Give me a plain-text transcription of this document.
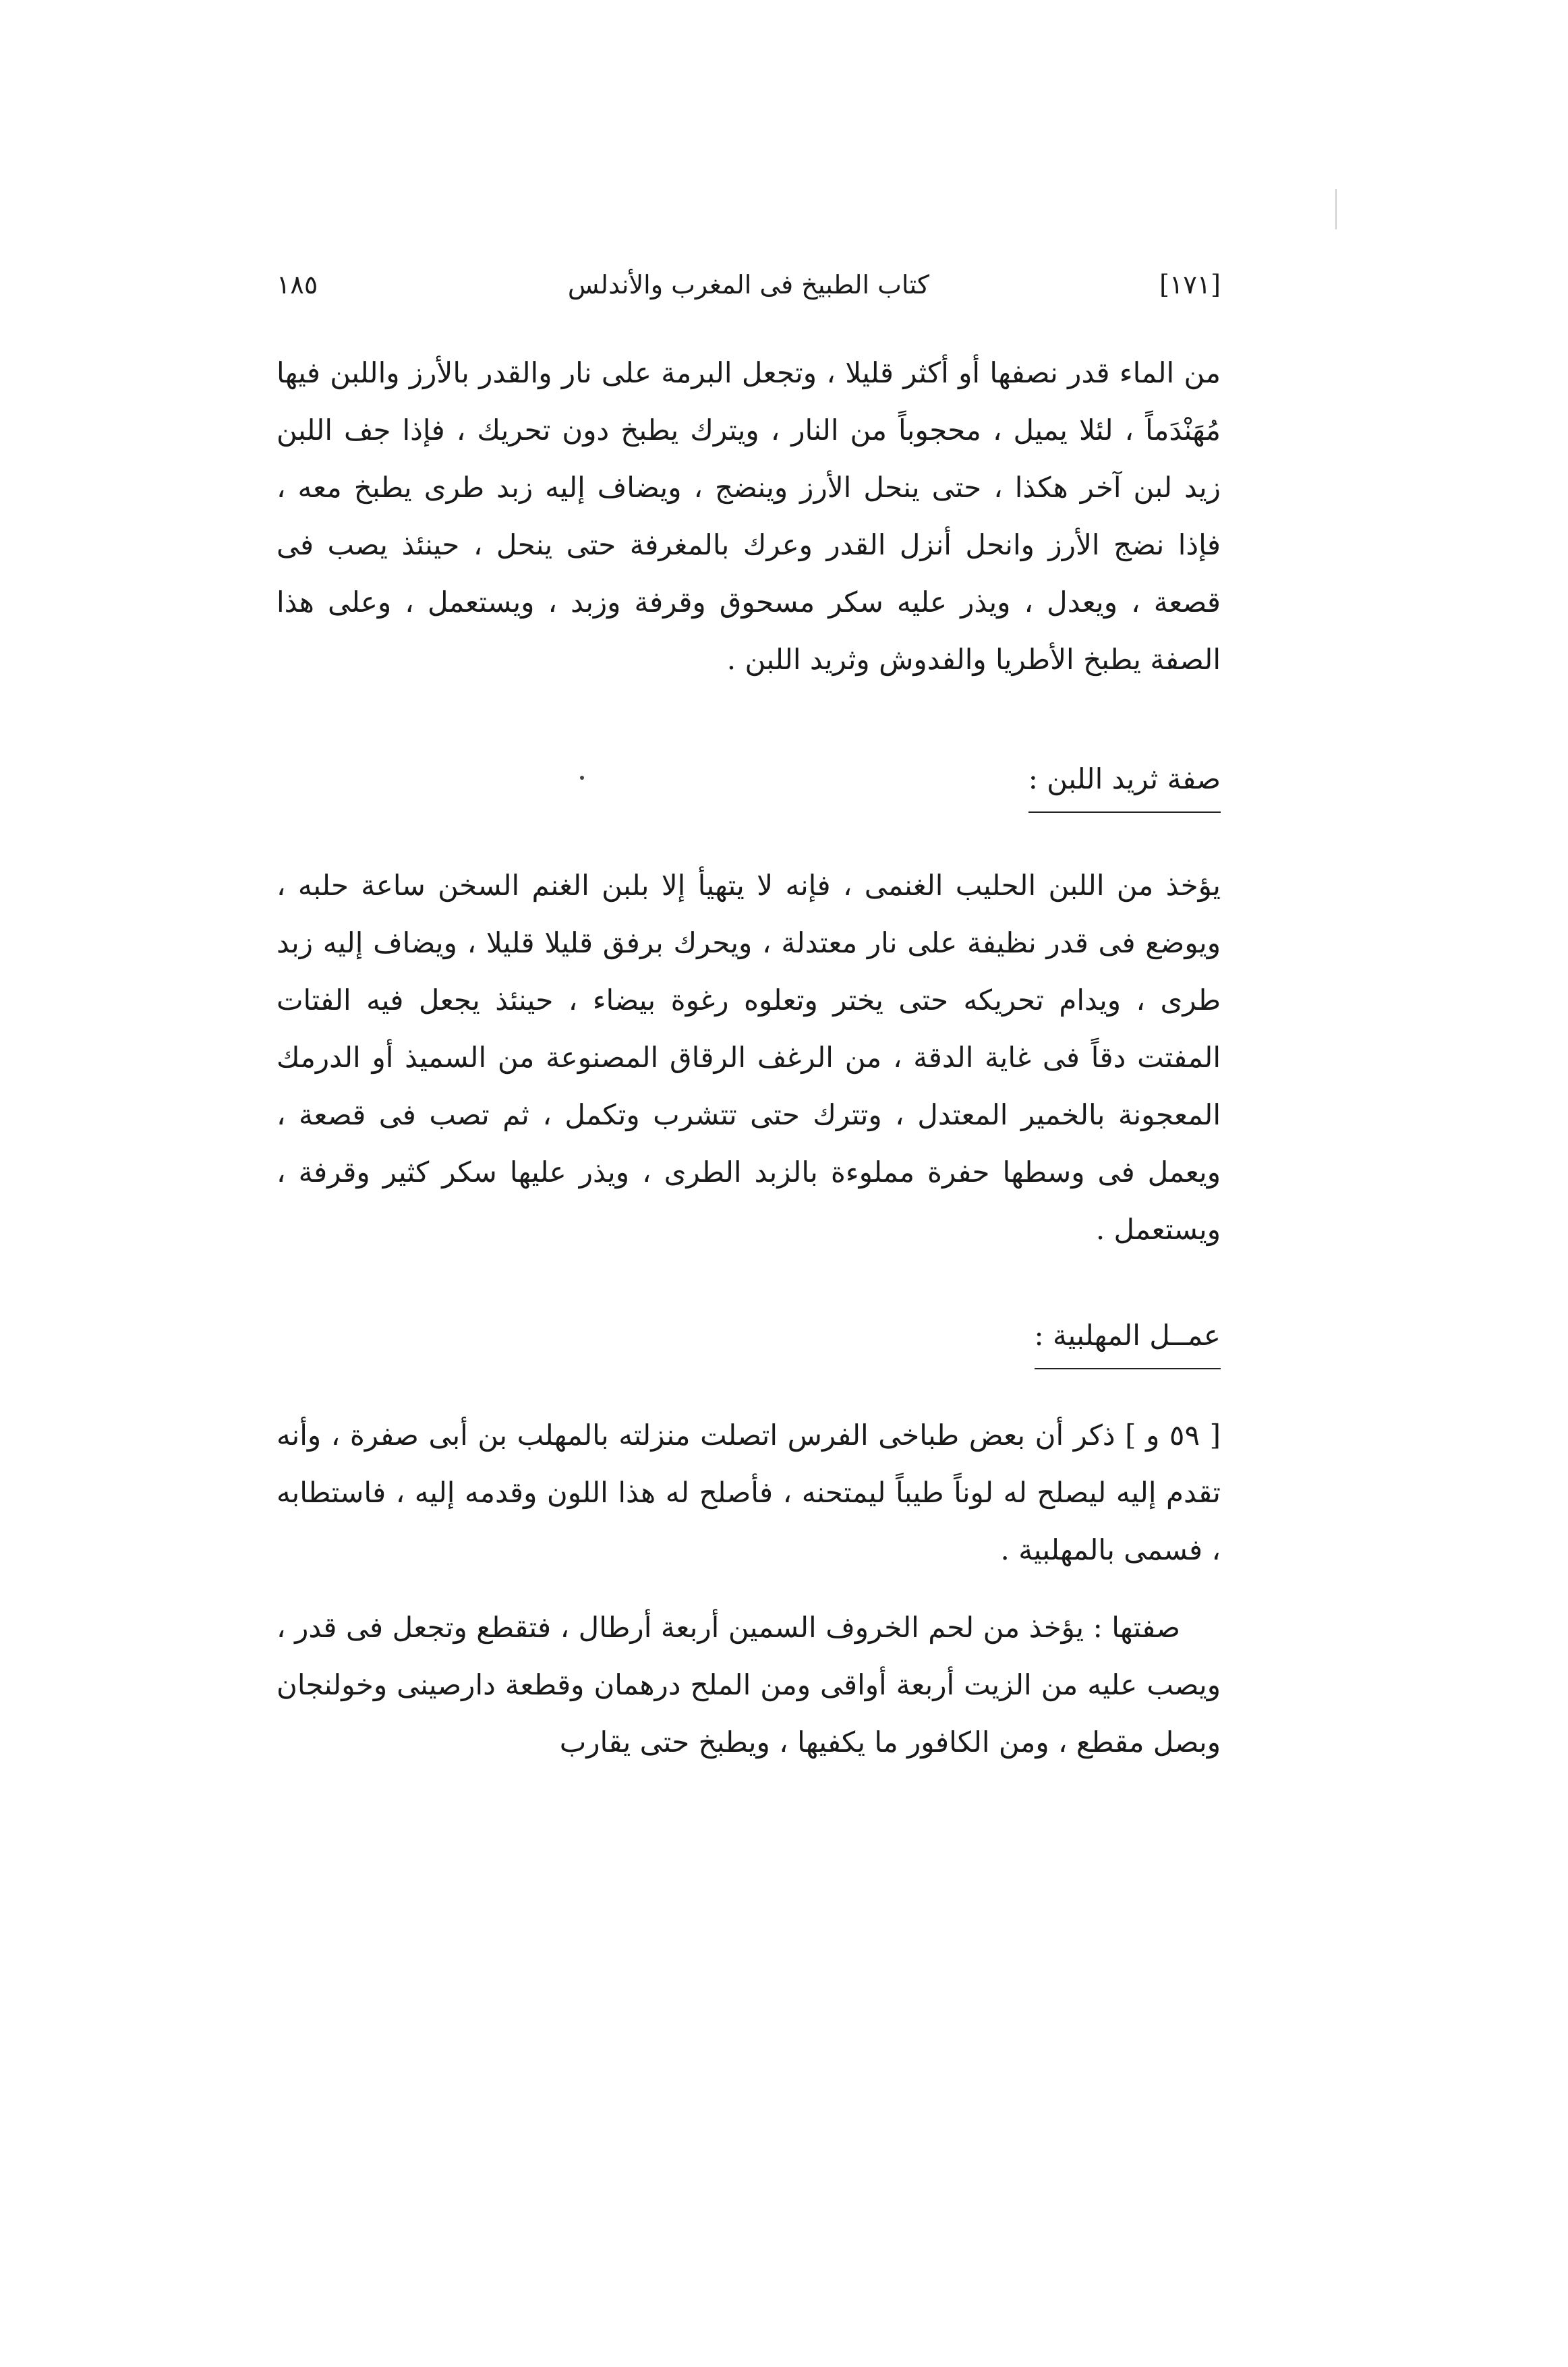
[١٧١]
كتاب الطبيخ فى المغرب والأندلس
١٨٥

من الماء قدر نصفها أو أكثر قليلا ، وتجعل البرمة على نار والقدر بالأرز واللبن فيها مُهَنْدَماً ، لئلا يميل ، محجوباً من النار ، ويترك يطبخ دون تحريك ، فإذا جف اللبن زيد لبن آخر هكذا ، حتى ينحل الأرز وينضج ، ويضاف إليه زبد طرى يطبخ معه ، فإذا نضج الأرز وانحل أنزل القدر وعرك بالمغرفة حتى ينحل ، حينئذ يصب فى قصعة ، ويعدل ، ويذر عليه سكر مسحوق وقرفة وزبد ، ويستعمل ، وعلى هذا الصفة يطبخ الأطريا والفدوش وثريد اللبن .

صفة ثريد اللبن :

يؤخذ من اللبن الحليب الغنمى ، فإنه لا يتهيأ إلا بلبن الغنم السخن ساعة حلبه ، ويوضع فى قدر نظيفة على نار معتدلة ، ويحرك برفق قليلا قليلا ، ويضاف إليه زبد طرى ، ويدام تحريكه حتى يختر وتعلوه رغوة بيضاء ، حينئذ يجعل فيه الفتات المفتت دقاً فى غاية الدقة ، من الرغف الرقاق المصنوعة من السميذ أو الدرمك المعجونة بالخمير المعتدل ، وتترك حتى تتشرب وتكمل ، ثم تصب فى قصعة ، ويعمل فى وسطها حفرة مملوءة بالزبد الطرى ، ويذر عليها سكر كثير وقرفة ، ويستعمل .

عمــل المهلبية :

[ ٥٩ و ] ذكر أن بعض طباخى الفرس اتصلت منزلته بالمهلب بن أبى صفرة ، وأنه تقدم إليه ليصلح له لوناً طيباً ليمتحنه ، فأصلح له هذا اللون وقدمه إليه ، فاستطابه ، فسمى بالمهلبية .

صفتها : يؤخذ من لحم الخروف السمين أربعة أرطال ، فتقطع وتجعل فى قدر ، ويصب عليه من الزيت أربعة أواقى ومن الملح درهمان وقطعة دارصينى وخولنجان وبصل مقطع ، ومن الكافور ما يكفيها ، ويطبخ حتى يقارب
